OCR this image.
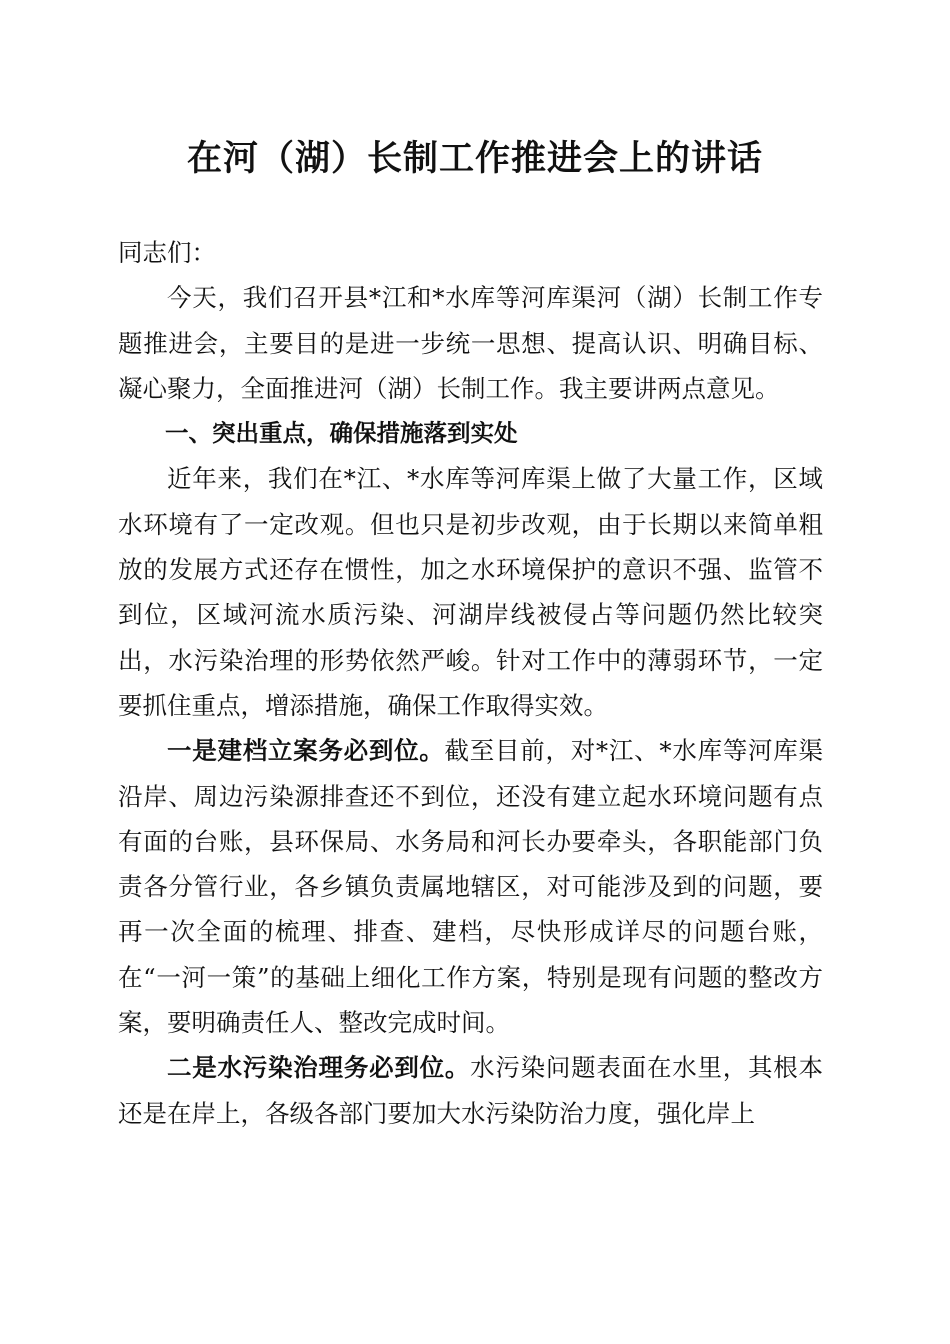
在河（湖）长制工作推进会上的讲话

同志们：

今天，我们召开县*江和*水库等河库渠河（湖）长制工作专题推进会，主要目的是进一步统一思想、提高认识、明确目标、凝心聚力，全面推进河（湖）长制工作。我主要讲两点意见。

一、突出重点，确保措施落到实处

近年来，我们在*江、*水库等河库渠上做了大量工作，区域水环境有了一定改观。但也只是初步改观，由于长期以来简单粗放的发展方式还存在惯性，加之水环境保护的意识不强、监管不到位，区域河流水质污染、河湖岸线被侵占等问题仍然比较突出，水污染治理的形势依然严峻。针对工作中的薄弱环节，一定要抓住重点，增添措施，确保工作取得实效。

一是建档立案务必到位。截至目前，对*江、*水库等河库渠沿岸、周边污染源排查还不到位，还没有建立起水环境问题有点有面的台账，县环保局、水务局和河长办要牵头，各职能部门负责各分管行业，各乡镇负责属地辖区，对可能涉及到的问题，要再一次全面的梳理、排查、建档，尽快形成详尽的问题台账，在“一河一策”的基础上细化工作方案，特别是现有问题的整改方案，要明确责任人、整改完成时间。

二是水污染治理务必到位。水污染问题表面在水里，其根本还是在岸上，各级各部门要加大水污染防治力度，强化岸上
